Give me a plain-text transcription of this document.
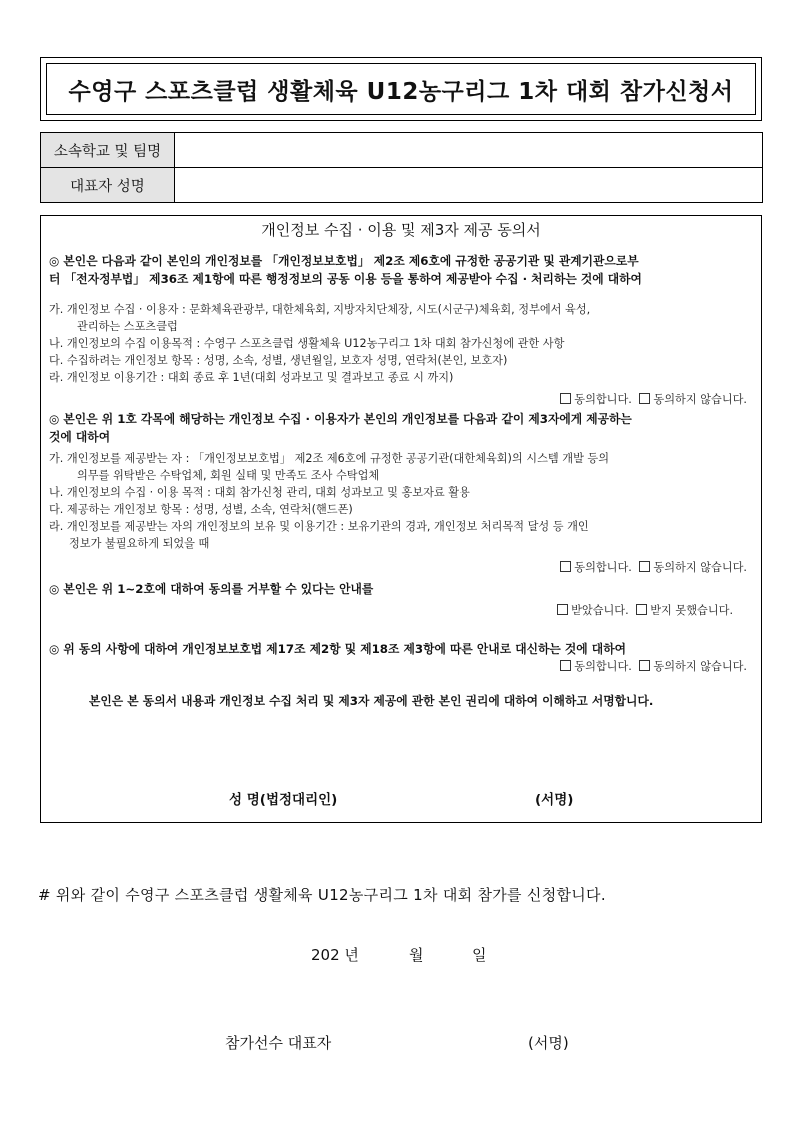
수영구 스포츠클럽 생활체육 U12농구리그 1차 대회 참가신청서
소속학교 및 팀명	
대표자 성명	
개인정보 수집 · 이용 및 제3자 제공 동의서
◎ 본인은 다음과 같이 본인의 개인정보를 「개인정보보호법」 제2조 제6호에 규정한 공공기관 및 관계기관으로부
터 「전자정부법」 제36조 제1항에 따른 행정정보의 공동 이용 등을 통하여 제공받아 수집 · 처리하는 것에 대하여
가. 개인정보 수집 · 이용자 : 문화체육관광부, 대한체육회, 지방자치단체장, 시도(시군구)체육회, 정부에서 육성,
관리하는 스포츠클럽
나. 개인정보의 수집 이용목적 : 수영구 스포츠클럽 생활체육 U12농구리그 1차 대회 참가신청에 관한 사항
다. 수집하려는 개인정보 항목 : 성명, 소속, 성별, 생년월일, 보호자 성명, 연락처(본인, 보호자)
라. 개인정보 이용기간 : 대회 종료 후 1년(대회 성과보고 및 결과보고 종료 시 까지)
동의합니다. 동의하지 않습니다.
◎ 본인은 위 1호 각목에 해당하는 개인정보 수집 · 이용자가 본인의 개인정보를 다음과 같이 제3자에게 제공하는
것에 대하여
가. 개인정보를 제공받는 자 : 「개인정보보호법」 제2조 제6호에 규정한 공공기관(대한체육회)의 시스템 개발 등의
의무를 위탁받은 수탁업체, 회원 실태 및 만족도 조사 수탁업체
나. 개인정보의 수집 · 이용 목적 : 대회 참가신청 관리, 대회 성과보고 및 홍보자료 활용
다. 제공하는 개인정보 항목 : 성명, 성별, 소속, 연락처(핸드폰)
라. 개인정보를 제공받는 자의 개인정보의 보유 및 이용기간 : 보유기관의 경과, 개인정보 처리목적 달성 등 개인
정보가 불필요하게 되었을 때
동의합니다. 동의하지 않습니다.
◎ 본인은 위 1~2호에 대하여 동의를 거부할 수 있다는 안내를
받았습니다. 받지 못했습니다.
◎ 위 동의 사항에 대하여 개인정보보호법 제17조 제2항 및 제18조 제3항에 따른 안내로 대신하는 것에 대하여
동의합니다. 동의하지 않습니다.
본인은 본 동의서 내용과 개인정보 수집 처리 및 제3자 제공에 관한 본인 권리에 대하여 이해하고 서명합니다.
성 명(법정대리인)	(서명)
# 위와 같이 수영구 스포츠클럽 생활체육 U12농구리그 1차 대회 참가를 신청합니다.
202 년	월	일
참가선수 대표자	(서명)
